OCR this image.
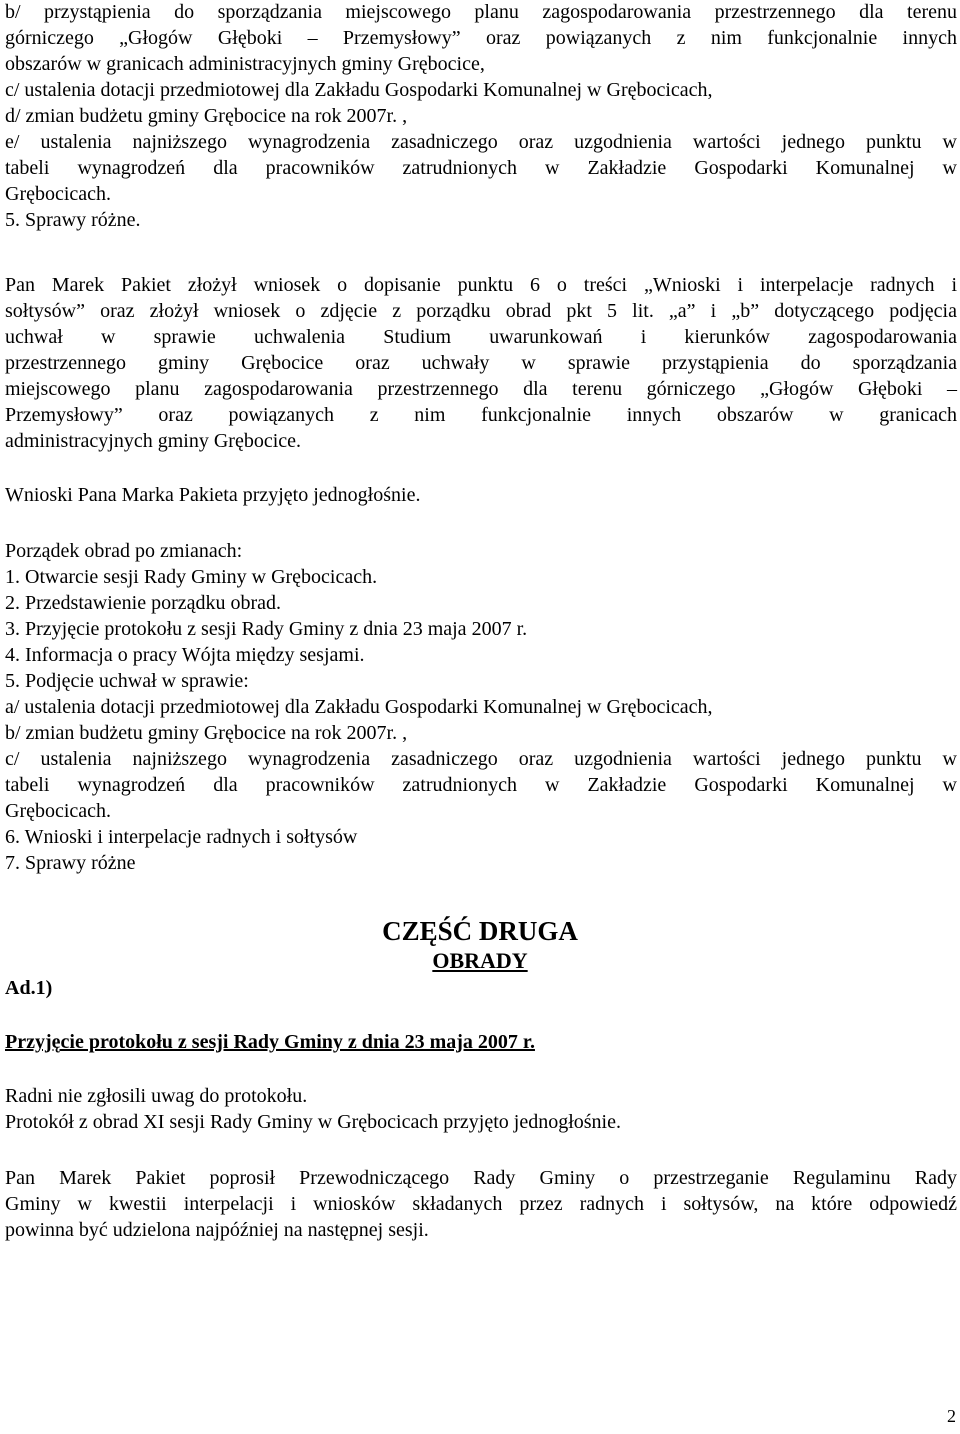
b/ przystąpienia do sporządzania miejscowego planu zagospodarowania przestrzennego dla terenu
górniczego „Głogów Głęboki – Przemysłowy” oraz powiązanych z nim funkcjonalnie innych
obszarów w granicach administracyjnych gminy Grębocice,
c/ ustalenia dotacji przedmiotowej dla Zakładu Gospodarki Komunalnej w Grębocicach,
d/ zmian budżetu gminy Grębocice na rok 2007r. ,
e/ ustalenia najniższego wynagrodzenia zasadniczego oraz uzgodnienia wartości jednego punktu w
tabeli wynagrodzeń dla pracowników zatrudnionych w Zakładzie Gospodarki Komunalnej w
Grębocicach.
5. Sprawy różne.
Pan Marek Pakiet złożył wniosek o dopisanie punktu 6 o treści „Wnioski i interpelacje radnych i
sołtysów” oraz złożył wniosek o zdjęcie z porządku obrad pkt 5 lit. „a” i „b” dotyczącego podjęcia
uchwał w sprawie uchwalenia Studium uwarunkowań i kierunków zagospodarowania
przestrzennego gminy Grębocice oraz uchwały w sprawie przystąpienia do sporządzania
miejscowego planu zagospodarowania przestrzennego dla terenu górniczego „Głogów Głęboki –
Przemysłowy” oraz powiązanych z nim funkcjonalnie innych obszarów w granicach
administracyjnych gminy Grębocice.
Wnioski Pana Marka Pakieta przyjęto jednogłośnie.
Porządek obrad po zmianach:
1. Otwarcie sesji Rady Gminy w Grębocicach.
2. Przedstawienie porządku obrad.
3. Przyjęcie protokołu z sesji Rady Gminy z dnia 23 maja 2007 r.
4. Informacja o pracy Wójta między sesjami.
5. Podjęcie uchwał w sprawie:
a/ ustalenia dotacji przedmiotowej dla Zakładu Gospodarki Komunalnej w Grębocicach,
b/ zmian budżetu gminy Grębocice na rok 2007r. ,
c/ ustalenia najniższego wynagrodzenia zasadniczego oraz uzgodnienia wartości jednego punktu w
tabeli wynagrodzeń dla pracowników zatrudnionych w Zakładzie Gospodarki Komunalnej w
Grębocicach.
6. Wnioski i interpelacje radnych i sołtysów
7. Sprawy różne
CZĘŚĆ DRUGA
OBRADY
Ad.1)
Przyjęcie protokołu z sesji Rady Gminy z dnia 23 maja 2007 r.
Radni nie zgłosili uwag do protokołu.
Protokół z obrad XI sesji Rady Gminy w Grębocicach przyjęto jednogłośnie.
Pan Marek Pakiet poprosił Przewodniczącego Rady Gminy o przestrzeganie Regulaminu Rady
Gminy w kwestii interpelacji i wniosków składanych przez radnych i sołtysów, na które odpowiedź
powinna być udzielona najpóźniej na następnej sesji.
2
